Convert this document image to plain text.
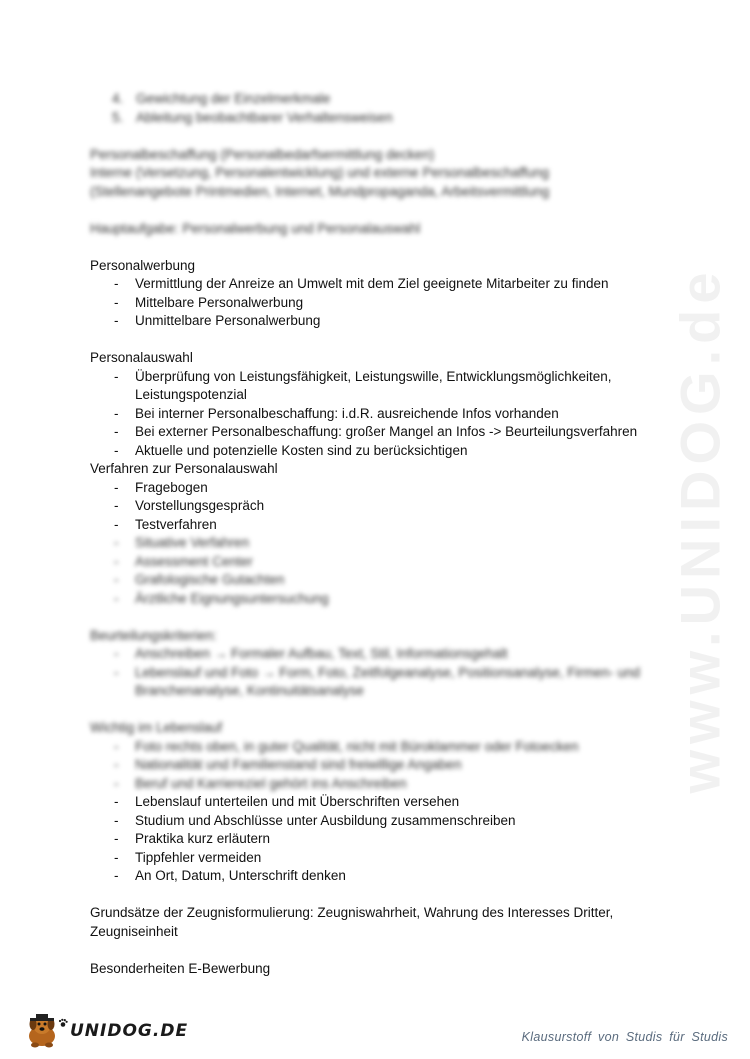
www.UNIDOG.de
4. Gewichtung der Einzelmerkmale
5. Ableitung beobachtbarer Verhaltensweisen
Personalbeschaffung (Personalbedarfsermittlung decken)
Interne (Versetzung, Personalentwicklung) und externe Personalbeschaffung
(Stellenangebote Printmedien, Internet, Mundpropaganda, Arbeitsvermittlung
Hauptaufgabe: Personalwerbung und Personalauswahl
Personalwerbung
- Vermittlung der Anreize an Umwelt mit dem Ziel geeignete Mitarbeiter zu finden
- Mittelbare Personalwerbung
- Unmittelbare Personalwerbung
Personalauswahl
- Überprüfung von Leistungsfähigkeit, Leistungswille, Entwicklungsmöglichkeiten,
Leistungspotenzial
- Bei interner Personalbeschaffung: i.d.R. ausreichende Infos vorhanden
- Bei externer Personalbeschaffung: großer Mangel an Infos -> Beurteilungsverfahren
- Aktuelle und potenzielle Kosten sind zu berücksichtigen
Verfahren zur Personalauswahl
- Fragebogen
- Vorstellungsgespräch
- Testverfahren
- Situative Verfahren
- Assessment Center
- Grafologische Gutachten
- Ärztliche Eignungsuntersuchung
Beurteilungskriterien:
- Anschreiben → Formaler Aufbau, Text, Stil, Informationsgehalt
- Lebenslauf und Foto → Form, Foto, Zeitfolgeanalyse, Positionsanalyse, Firmen- und
Branchenanalyse, Kontinuitätsanalyse
Wichtig im Lebenslauf
- Foto rechts oben, in guter Qualität, nicht mit Büroklammer oder Fotoecken
- Nationalität und Familienstand sind freiwillige Angaben
- Beruf und Karriereziel gehört ins Anschreiben
- Lebenslauf unterteilen und mit Überschriften versehen
- Studium und Abschlüsse unter Ausbildung zusammenschreiben
- Praktika kurz erläutern
- Tippfehler vermeiden
- An Ort, Datum, Unterschrift denken
Grundsätze der Zeugnisformulierung: Zeugniswahrheit, Wahrung des Interesses Dritter,
Zeugniseinheit
Besonderheiten E-Bewerbung
UNIDOG.DE	Klausurstoff von Studis für Studis
